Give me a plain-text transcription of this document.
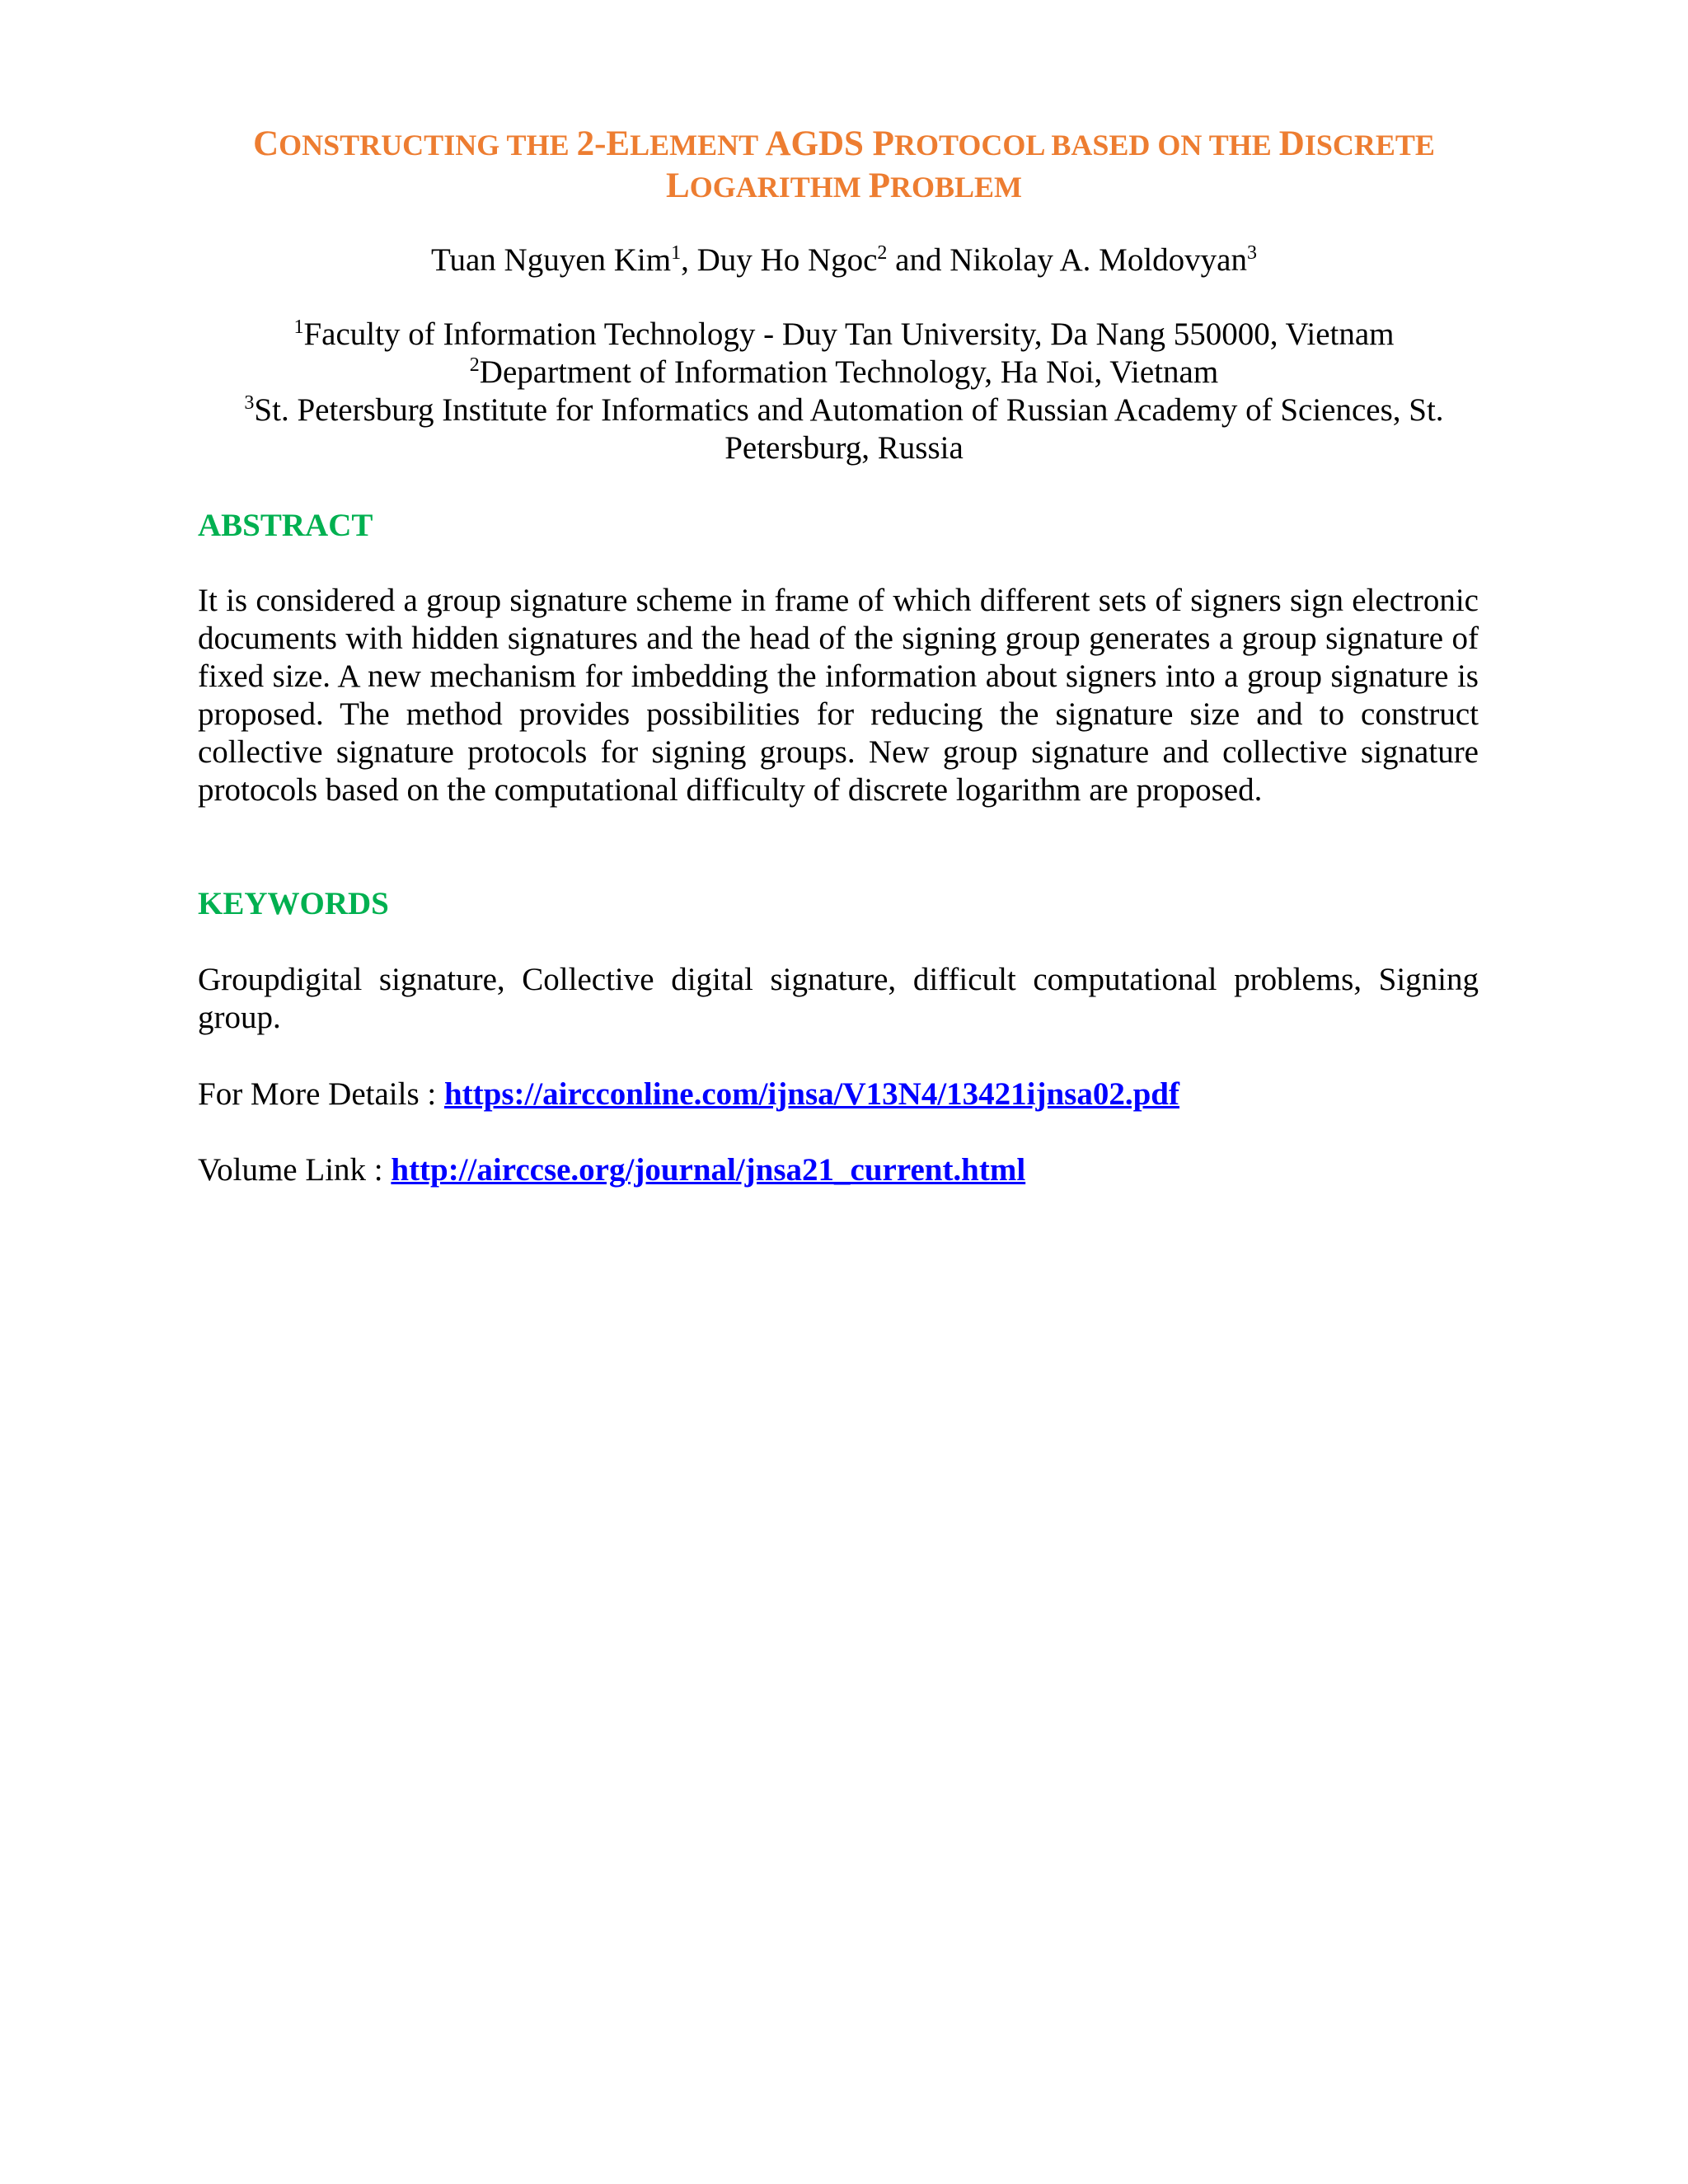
CONSTRUCTING THE 2-ELEMENT AGDS PROTOCOL BASED ON THE DISCRETE
LOGARITHM PROBLEM

Tuan Nguyen Kim$^1$, Duy Ho Ngoc$^2$ and Nikolay A. Moldovyan$^3$

$^1$Faculty of Information Technology - Duy Tan University, Da Nang 550000, Vietnam
$^2$Department of Information Technology, Ha Noi, Vietnam
$^3$St. Petersburg Institute for Informatics and Automation of Russian Academy of Sciences, St. Petersburg, Russia

ABSTRACT

It is considered a group signature scheme in frame of which different sets of signers sign electronic documents with hidden signatures and the head of the signing group generates a group signature of fixed size. A new mechanism for imbedding the information about signers into a group signature is proposed. The method provides possibilities for reducing the signature size and to construct collective signature protocols for signing groups. New group signature and collective signature protocols based on the computational difficulty of discrete logarithm are proposed.

KEYWORDS

Groupdigital signature, Collective digital signature, difficult computational problems, Signing group.

For More Details : https://aircconline.com/ijnsa/V13N4/13421ijnsa02.pdf

Volume Link : http://airccse.org/journal/jnsa21_current.html
